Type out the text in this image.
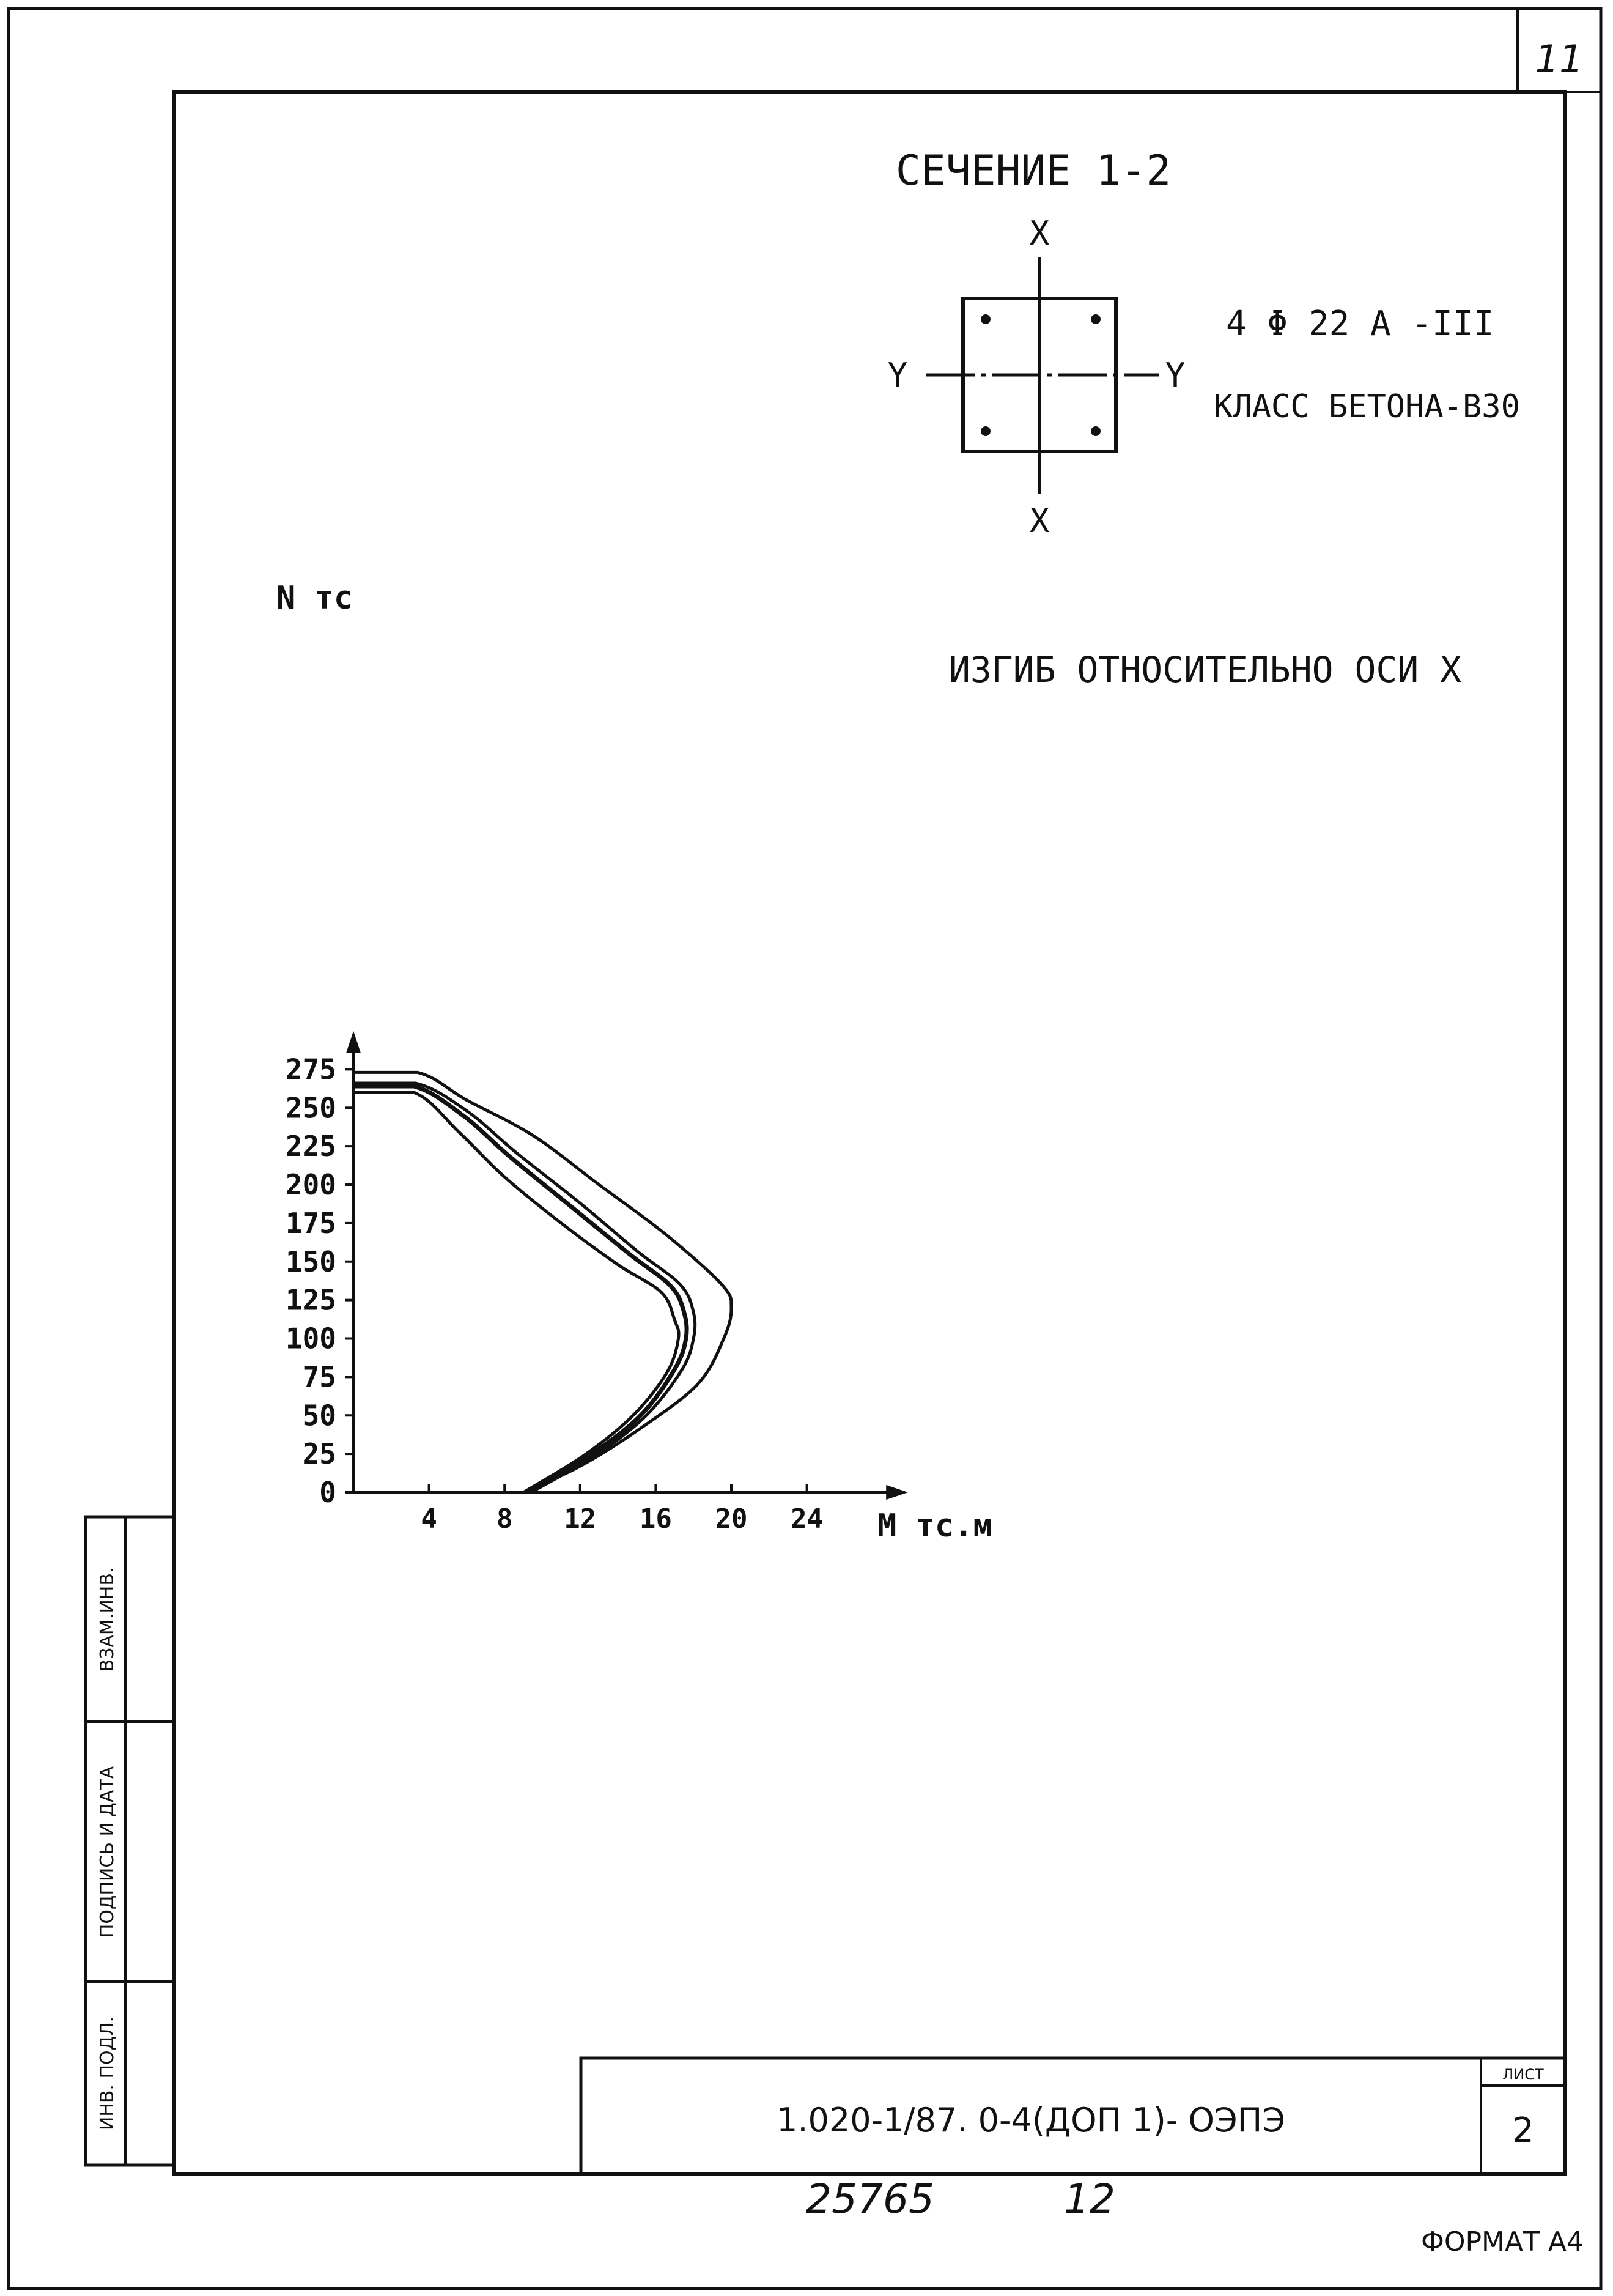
11
СЕЧЕНИЕ 1-2
X
X
Y	Y
4 Φ 22 A -III
КЛАСС БЕТОНА-В30
ИЗГИБ ОТНОСИТЕЛЬНО ОСИ X
N тс
M тс.м
0
25
50
75
100
125
150
175
200
225
250
275
4 8 12 16 20 24
ВЗАМ.ИНВ.
ПОДПИСЬ И ДАТА
ИНВ. ПОДЛ.	1.020-1/87. 0-4(ДОП 1)- ОЭПЭ
ЛИСТ
2
25765	12
ФОРМАТ А4
